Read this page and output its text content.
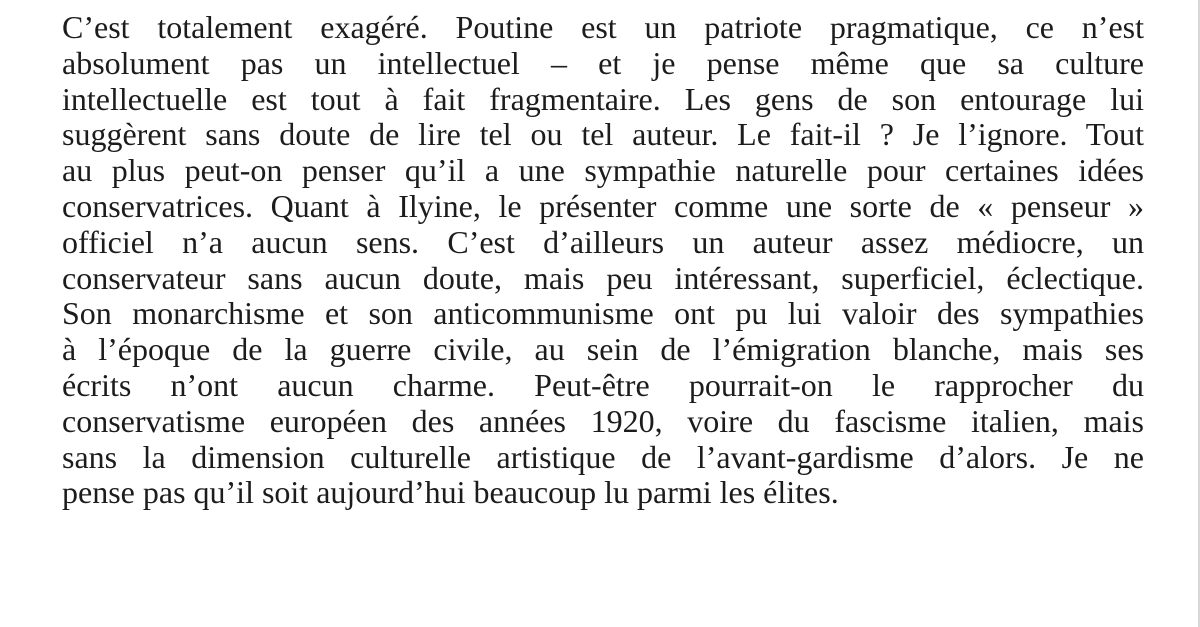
C’est totalement exagéré. Poutine est un patriote pragmatique, ce n’est
absolument pas un intellectuel – et je pense même que sa culture
intellectuelle est tout à fait fragmentaire. Les gens de son entourage lui
suggèrent sans doute de lire tel ou tel auteur. Le fait-il ? Je l’ignore. Tout
au plus peut-on penser qu’il a une sympathie naturelle pour certaines idées
conservatrices. Quant à Ilyine, le présenter comme une sorte de « penseur »
officiel n’a aucun sens. C’est d’ailleurs un auteur assez médiocre, un
conservateur sans aucun doute, mais peu intéressant, superficiel, éclectique.
Son monarchisme et son anticommunisme ont pu lui valoir des sympathies
à l’époque de la guerre civile, au sein de l’émigration blanche, mais ses
écrits n’ont aucun charme. Peut-être pourrait-on le rapprocher du
conservatisme européen des années 1920, voire du fascisme italien, mais
sans la dimension culturelle artistique de l’avant-gardisme d’alors. Je ne
pense pas qu’il soit aujourd’hui beaucoup lu parmi les élites.
